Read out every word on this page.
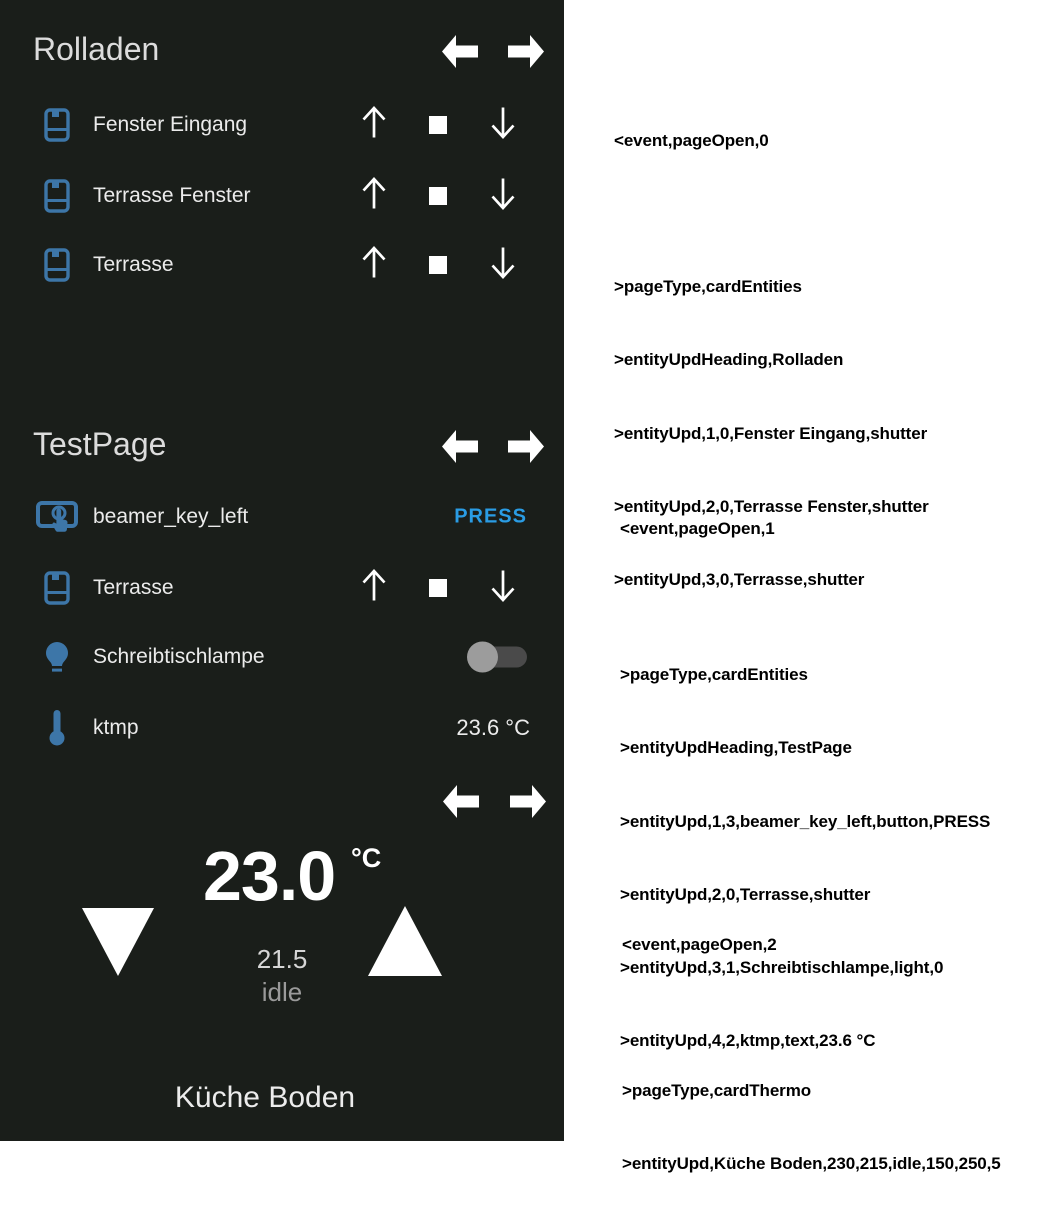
Rolladen
Fenster Eingang
Terrasse Fenster
Terrasse
TestPage
beamer_key_left	PRESS
Terrasse
Schreibtischlampe
ktmp	23.6 °C
23.0 °C
21.5
idle
Küche Boden

<event,pageOpen,0

>pageType,cardEntities

>entityUpdHeading,Rolladen

>entityUpd,1,0,Fenster Eingang,shutter

>entityUpd,2,0,Terrasse Fenster,shutter

>entityUpd,3,0,Terrasse,shutter

<event,pageOpen,1

>pageType,cardEntities

>entityUpdHeading,TestPage

>entityUpd,1,3,beamer_key_left,button,PRESS

>entityUpd,2,0,Terrasse,shutter

>entityUpd,3,1,Schreibtischlampe,light,0

>entityUpd,4,2,ktmp,text,23.6 °C

<event,pageOpen,2

>pageType,cardThermo

>entityUpd,Küche Boden,230,215,idle,150,250,5
